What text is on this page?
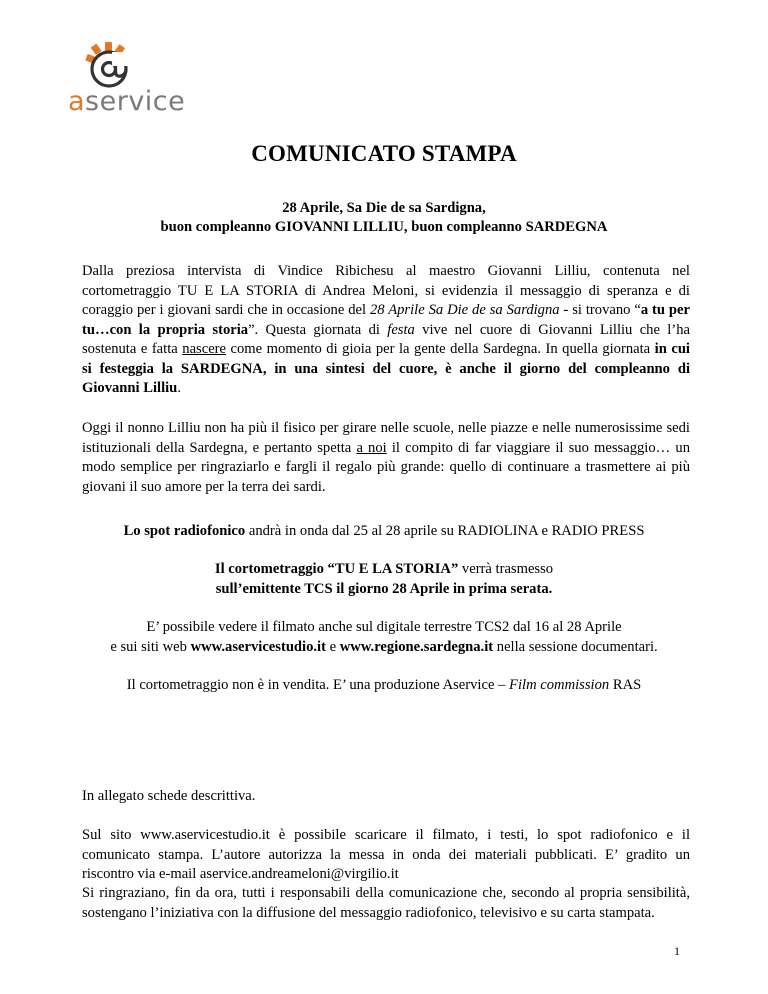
aservice
COMUNICATO STAMPA
28 Aprile, Sa Die de sa Sardigna,
buon compleanno GIOVANNI LILLIU, buon compleanno SARDEGNA
Dalla preziosa intervista di Vindice Ribichesu al maestro Giovanni Lilliu, contenuta nel
cortometraggio TU E LA STORIA di Andrea Meloni, si evidenzia il messaggio di speranza e di
coraggio per i giovani sardi che in occasione del 28 Aprile Sa Die de sa Sardigna - si trovano “a tu per
tu…con la propria storia”. Questa giornata di festa vive nel cuore di Giovanni Lilliu che l’ha
sostenuta e fatta nascere come momento di gioia per la gente della Sardegna. In quella giornata in cui
si festeggia la SARDEGNA, in una sintesi del cuore, è anche il giorno del compleanno di
Giovanni Lilliu.
Oggi il nonno Lilliu non ha più il fisico per girare nelle scuole, nelle piazze e nelle numerosissime sedi
istituzionali della Sardegna, e pertanto spetta a noi il compito di far viaggiare il suo messaggio… un
modo semplice per ringraziarlo e fargli il regalo più grande: quello di continuare a trasmettere ai più
giovani il suo amore per la terra dei sardi.
Lo spot radiofonico andrà in onda dal 25 al 28 aprile su RADIOLINA e RADIO PRESS
Il cortometraggio “TU E LA STORIA” verrà trasmesso
sull’emittente TCS il giorno 28 Aprile in prima serata.
E’ possibile vedere il filmato anche sul digitale terrestre TCS2 dal 16 al 28 Aprile
e sui siti web www.aservicestudio.it e www.regione.sardegna.it nella sessione documentari.
Il cortometraggio non è in vendita. E’ una produzione Aservice – Film commission RAS
In allegato schede descrittiva.
Sul sito www.aservicestudio.it è possibile scaricare il filmato, i testi, lo spot radiofonico e il
comunicato stampa. L’autore autorizza la messa in onda dei materiali pubblicati. E’ gradito un
riscontro via e-mail aservice.andreameloni@virgilio.it
Si ringraziano, fin da ora, tutti i responsabili della comunicazione che, secondo al propria sensibilità,
sostengano l’iniziativa con la diffusione del messaggio radiofonico, televisivo e su carta stampata.
1
